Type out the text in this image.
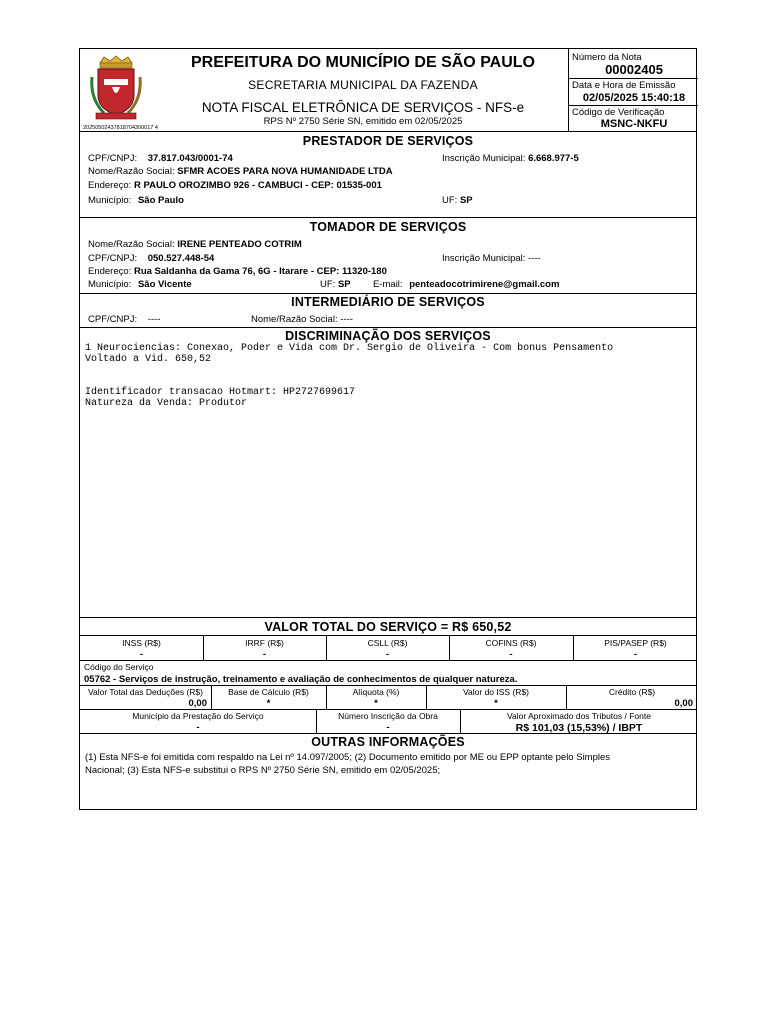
20250502437818704300017 4
PREFEITURA DO MUNICÍPIO DE SÃO PAULO
SECRETARIA MUNICIPAL DA FAZENDA
NOTA FISCAL ELETRÔNICA DE SERVIÇOS - NFS-e
RPS Nº 2750 Série SN, emitido em 02/05/2025
Número da Nota
00002405
Data e Hora de Emissão
02/05/2025 15:40:18
Código de Verificação
MSNC-NKFU
PRESTADOR DE SERVIÇOS
CPF/CNPJ: 37.817.043/0001-74	Inscrição Municipal: 6.668.977-5
Nome/Razão Social: SFMR ACOES PARA NOVA HUMANIDADE LTDA
Endereço: R PAULO OROZIMBO 926 - CAMBUCI - CEP: 01535-001
Município: São Paulo	UF: SP
TOMADOR DE SERVIÇOS
Nome/Razão Social: IRENE PENTEADO COTRIM
CPF/CNPJ: 050.527.448-54	Inscrição Municipal: ----
Endereço: Rua Saldanha da Gama 76, 6G - Itarare - CEP: 11320-180
Município: São Vicente	UF: SP E-mail: penteadocotrimirene@gmail.com
INTERMEDIÁRIO DE SERVIÇOS
CPF/CNPJ: ----	Nome/Razão Social: ----
DISCRIMINAÇÃO DOS SERVIÇOS
1 Neurociencias: Conexao, Poder e Vida com Dr. Sergio de Oliveira - Com bonus Pensamento
Voltado a Vid. 650,52
Identificador transacao Hotmart: HP2727699617
Natureza da Venda: Produtor
VALOR TOTAL DO SERVIÇO = R$ 650,52
INSS (R$)	IRRF (R$)	CSLL (R$)	COFINS (R$)	PIS/PASEP (R$)
-	-	-	-	-
Código do Serviço
05762 - Serviços de instrução, treinamento e avaliação de conhecimentos de qualquer natureza.
Valor Total das Deduções (R$)	Base de Cálculo (R$)	Alíquota (%)	Valor do ISS (R$)	Crédito (R$)
0,00	*	*	*	0,00
Município da Prestação do Serviço	Número Inscrição da Obra	Valor Aproximado dos Tributos / Fonte
-	-	R$ 101,03 (15,53%) / IBPT
OUTRAS INFORMAÇÕES
(1) Esta NFS-e foi emitida com respaldo na Lei nº 14.097/2005; (2) Documento emitido por ME ou EPP optante pelo Simples
Nacional; (3) Esta NFS-e substitui o RPS Nº 2750 Série SN, emitido em 02/05/2025;
